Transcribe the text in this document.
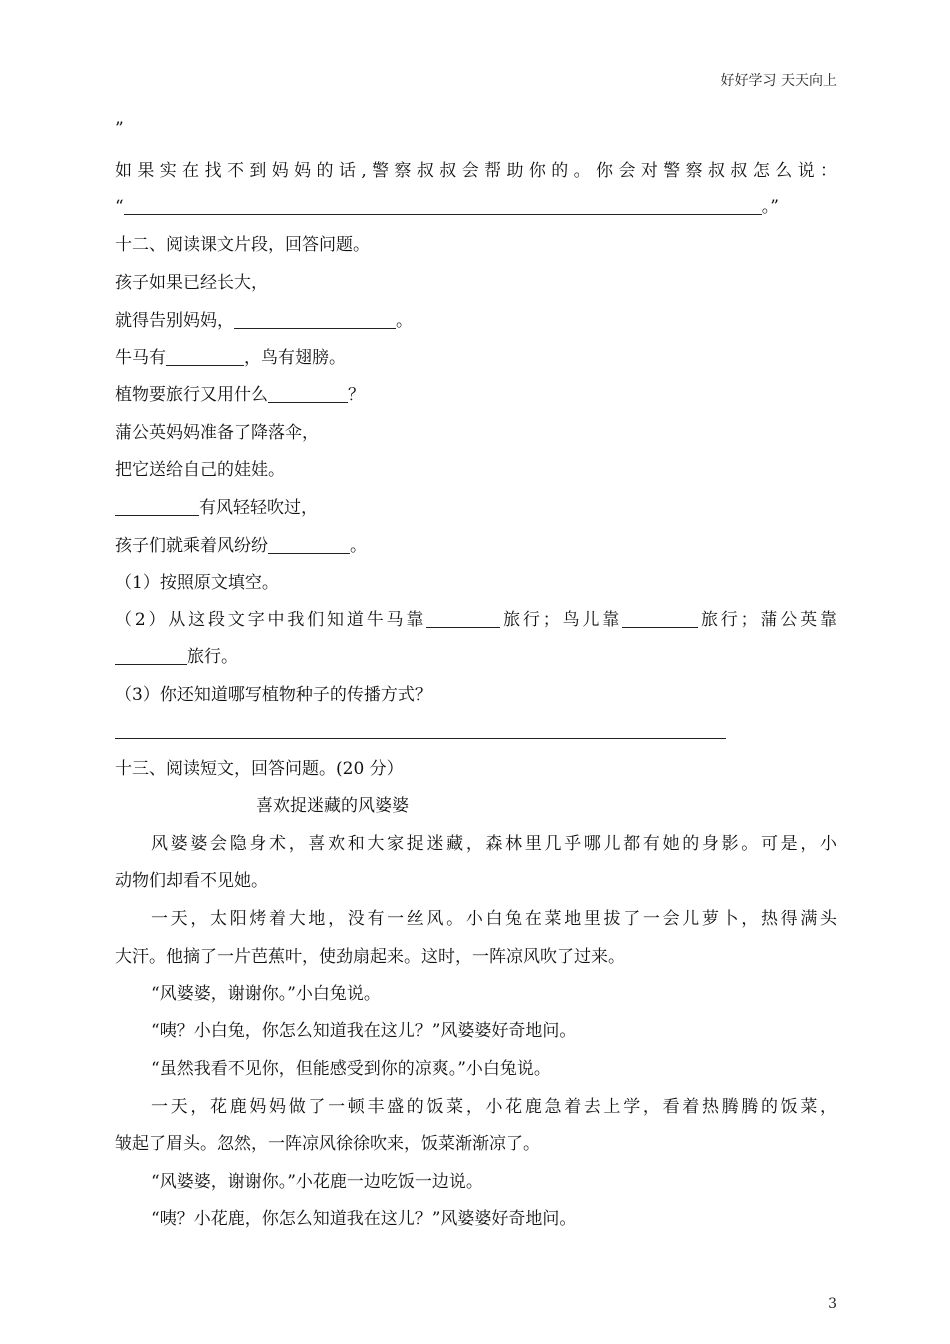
好好学习 天天向上
”
如果实在找不到妈妈的话,警察叔叔会帮助你的。你会对警察叔叔怎么说：
“	。”
十二、阅读课文片段，回答问题。
孩子如果已经长大，
就得告别妈妈，	。
牛马有	，鸟有翅膀。
植物要旅行又用什么	？
蒲公英妈妈准备了降落伞，
把它送给自己的娃娃。
有风轻轻吹过，
孩子们就乘着风纷纷	。
（1）按照原文填空。
（2）从这段文字中我们知道牛马靠	旅行；鸟儿靠	旅行；蒲公英靠
旅行。
（3）你还知道哪写植物种子的传播方式？
十三、阅读短文，回答问题。(20 分）
喜欢捉迷藏的风婆婆
风婆婆会隐身术，喜欢和大家捉迷藏，森林里几乎哪儿都有她的身影。可是，小
动物们却看不见她。
一天，太阳烤着大地，没有一丝风。小白兔在菜地里拔了一会儿萝卜，热得满头
大汗。他摘了一片芭蕉叶，使劲扇起来。这时，一阵凉风吹了过来。
“风婆婆，谢谢你。”小白兔说。
“咦？小白兔，你怎么知道我在这儿？”风婆婆好奇地问。
“虽然我看不见你，但能感受到你的凉爽。”小白兔说。
一天，花鹿妈妈做了一顿丰盛的饭菜，小花鹿急着去上学，看着热腾腾的饭菜，
皱起了眉头。忽然，一阵凉风徐徐吹来，饭菜渐渐凉了。
“风婆婆，谢谢你。”小花鹿一边吃饭一边说。
“咦？小花鹿，你怎么知道我在这儿？”风婆婆好奇地问。
3
